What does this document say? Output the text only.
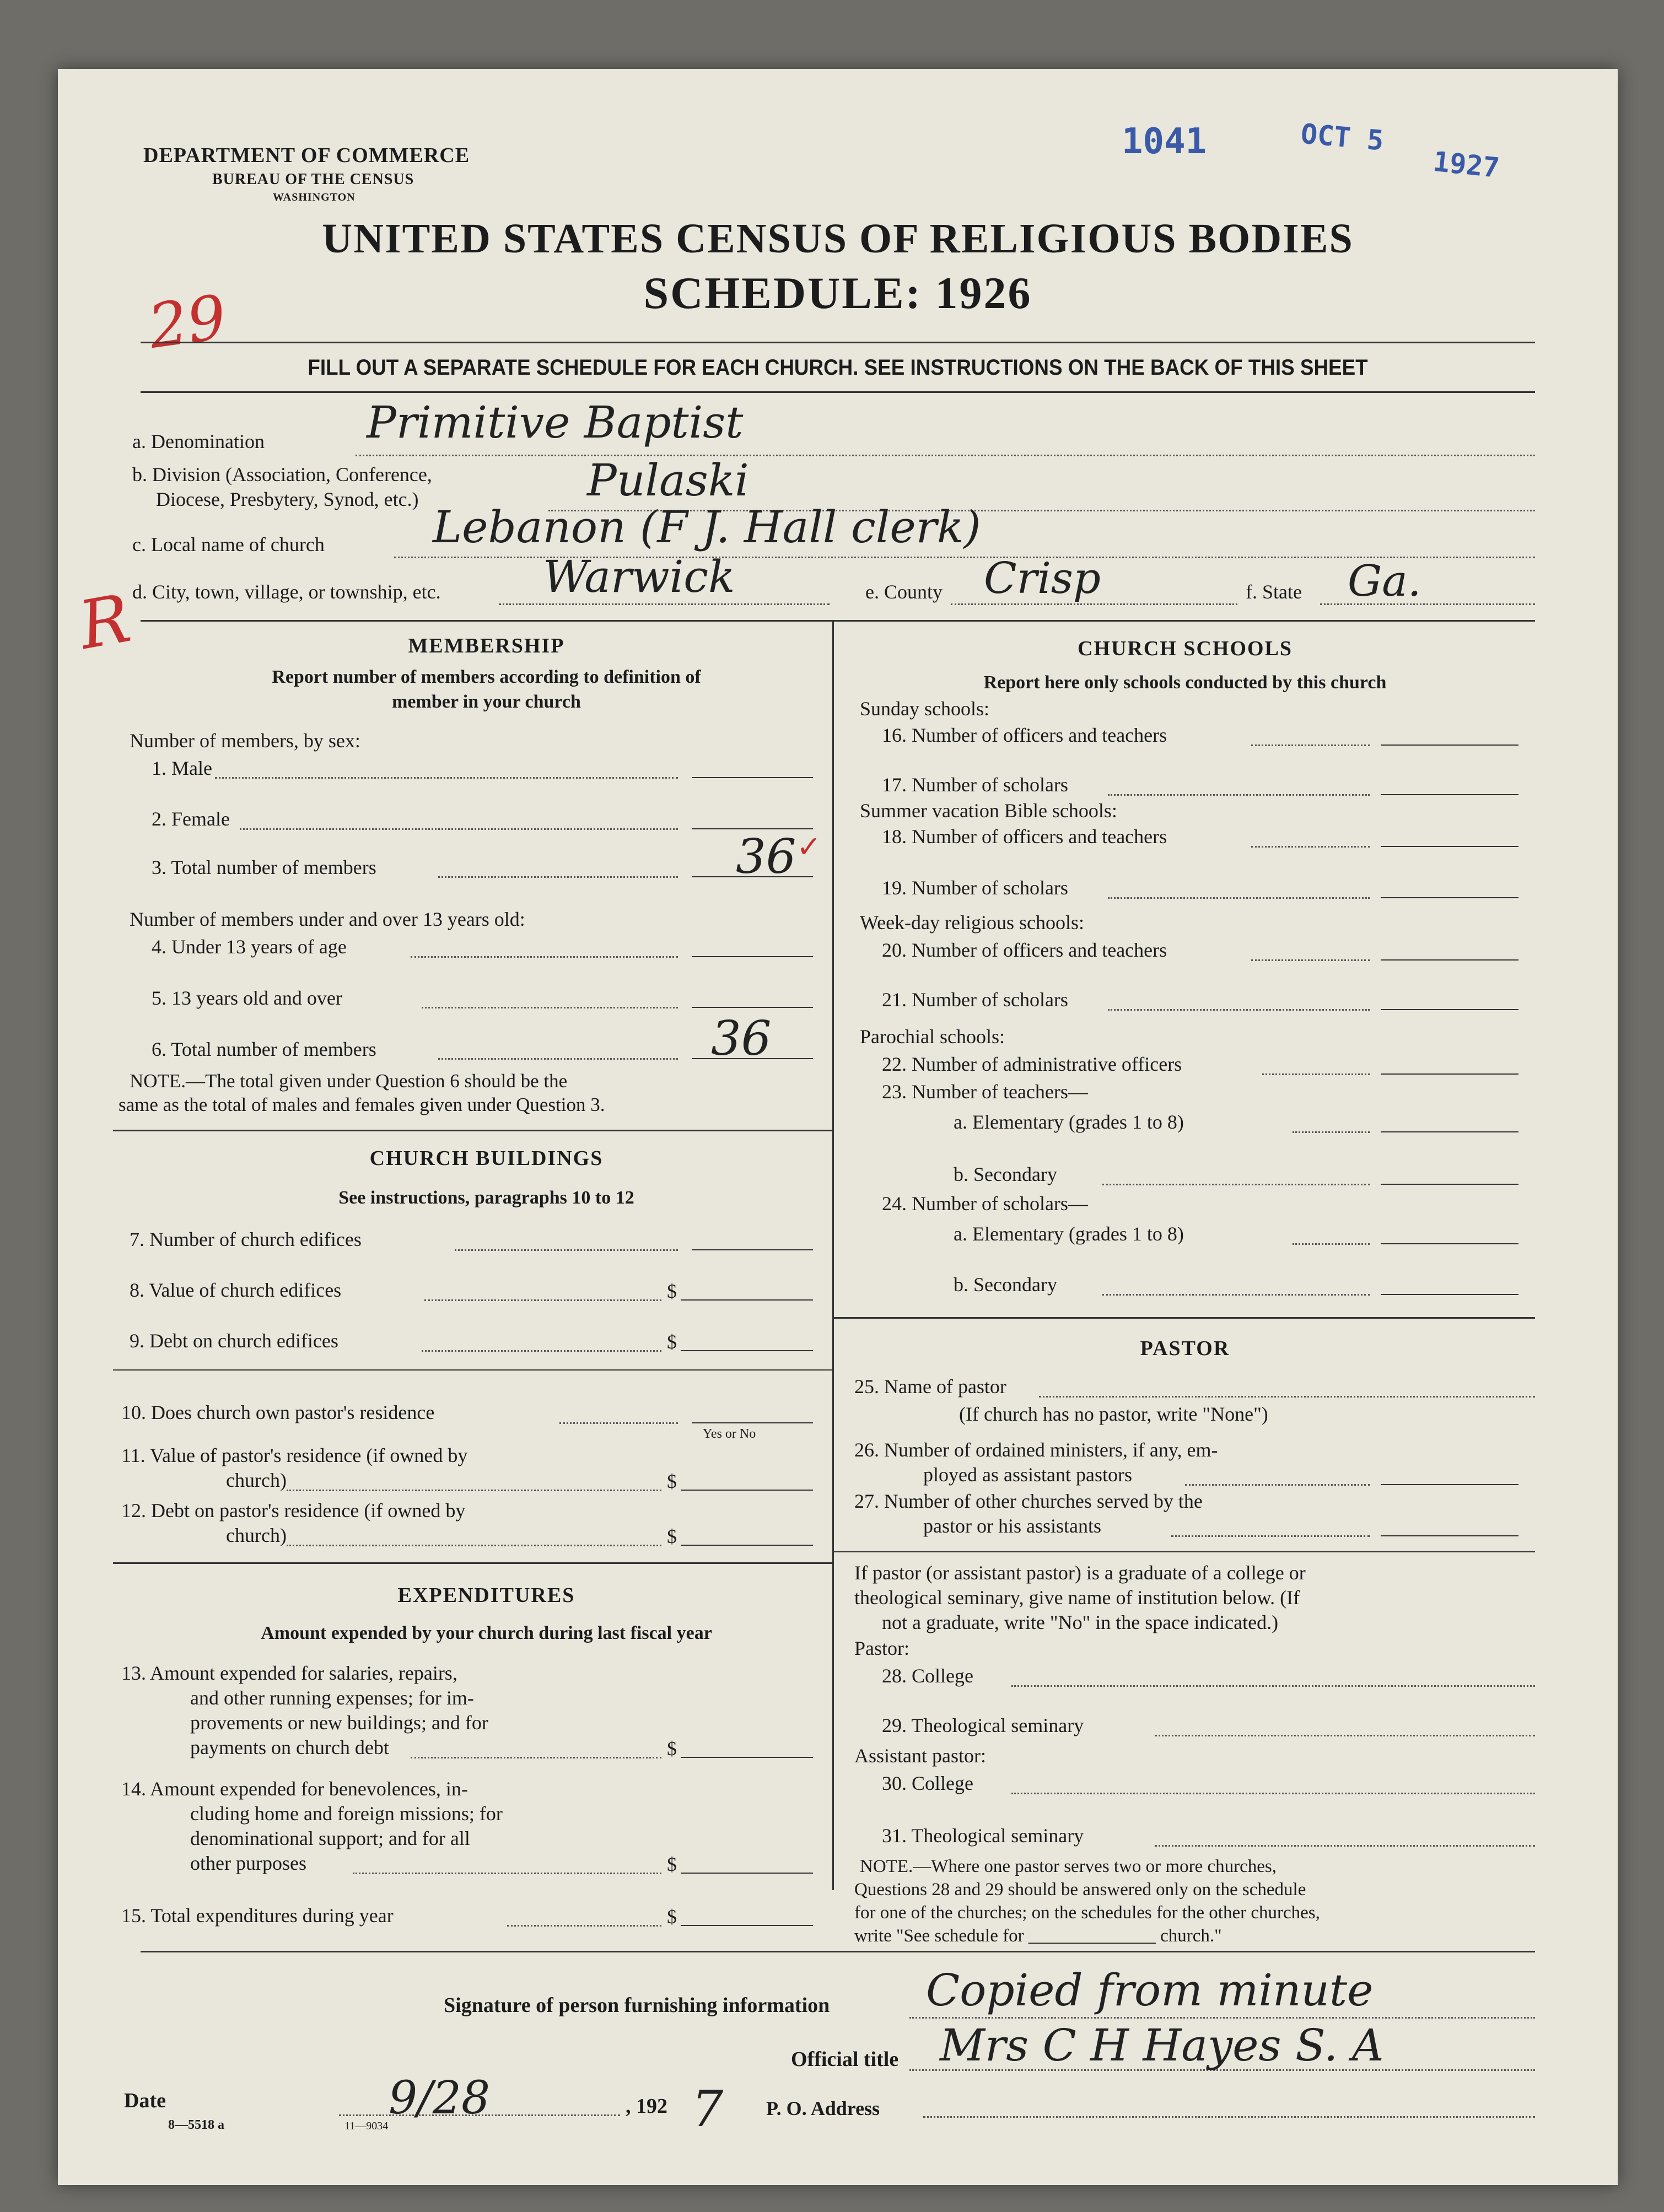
DEPARTMENT OF COMMERCE
BUREAU OF THE CENSUS
WASHINGTON
1041	OCT 5
1927
UNITED STATES CENSUS OF RELIGIOUS BODIES
SCHEDULE: 1926
29
R
FILL OUT A SEPARATE SCHEDULE FOR EACH CHURCH. SEE INSTRUCTIONS ON THE BACK OF THIS SHEET
a. Denomination Primitive Baptist
b. Division (Association, Conference,
Diocese, Presbytery, Synod, etc.)	Pulaski
c. Local name of church Lebanon (F J. Hall clerk)
d. City, town, village, or township, etc. Warwick	e. County Crisp	f. State Ga.
MEMBERSHIP
Report number of members according to definition of
member in your church
Number of members, by sex:
1. Male
2. Female
3. Total number of members	36 ✓
Number of members under and over 13 years old:
4. Under 13 years of age
5. 13 years old and over
6. Total number of members	36
NOTE.—The total given under Question 6 should be the
same as the total of males and females given under Question 3.
CHURCH BUILDINGS
See instructions, paragraphs 10 to 12
7. Number of church edifices
8. Value of church edifices	$
9. Debt on church edifices	$
10. Does church own pastor's residence
Yes or No
11. Value of pastor's residence (if owned by
church)	$
12. Debt on pastor's residence (if owned by
church)	$
EXPENDITURES
Amount expended by your church during last fiscal year
13. Amount expended for salaries, repairs,
and other running expenses; for im-
provements or new buildings; and for
payments on church debt	$
14. Amount expended for benevolences, in-
cluding home and foreign missions; for
denominational support; and for all
other purposes	$
15. Total expenditures during year	$
CHURCH SCHOOLS
Report here only schools conducted by this church
Sunday schools:
16. Number of officers and teachers
17. Number of scholars
Summer vacation Bible schools:
18. Number of officers and teachers
19. Number of scholars
Week-day religious schools:
20. Number of officers and teachers
21. Number of scholars
Parochial schools:
22. Number of administrative officers
23. Number of teachers—
a. Elementary (grades 1 to 8)
b. Secondary
24. Number of scholars—
a. Elementary (grades 1 to 8)
b. Secondary
PASTOR
25. Name of pastor
(If church has no pastor, write "None")
26. Number of ordained ministers, if any, em-
ployed as assistant pastors
27. Number of other churches served by the
pastor or his assistants
If pastor (or assistant pastor) is a graduate of a college or
theological seminary, give name of institution below. (If
not a graduate, write "No" in the space indicated.)
Pastor:
28. College
29. Theological seminary
Assistant pastor:
30. College
31. Theological seminary
NOTE.—Where one pastor serves two or more churches,
Questions 28 and 29 should be answered only on the schedule
for one of the churches; on the schedules for the other churches,
write "See schedule for ______________ church."
Signature of person furnishing information Copied from minute
Official title Mrs C H Hayes S. A
Date	9/28	, 192 7 P. O. Address
8—5518 a	11—9034
